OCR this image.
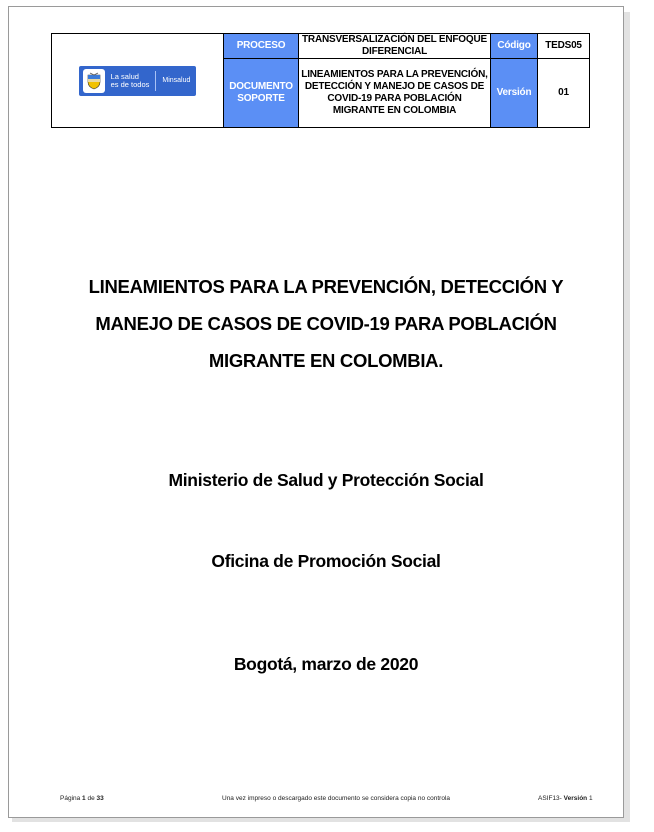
La salud
es de todos Minsalud	PROCESO	TRANSVERSALIZACIÓN DEL ENFOQUE DIFERENCIAL	Código	TEDS05
	DOCUMENTO SOPORTE	LINEAMIENTOS PARA LA PREVENCIÓN, DETECCIÓN Y MANEJO DE CASOS DE COVID-19 PARA POBLACIÓN MIGRANTE EN COLOMBIA	Versión	01
LINEAMIENTOS PARA LA PREVENCIÓN, DETECCIÓN Y
MANEJO DE CASOS DE COVID-19 PARA POBLACIÓN
MIGRANTE EN COLOMBIA.
Ministerio de Salud y Protección Social
Oficina de Promoción Social
Bogotá, marzo de 2020
Página 1 de 33	Una vez impreso o descargado este documento se considera copia no controla	ASIF13- Versión 1
